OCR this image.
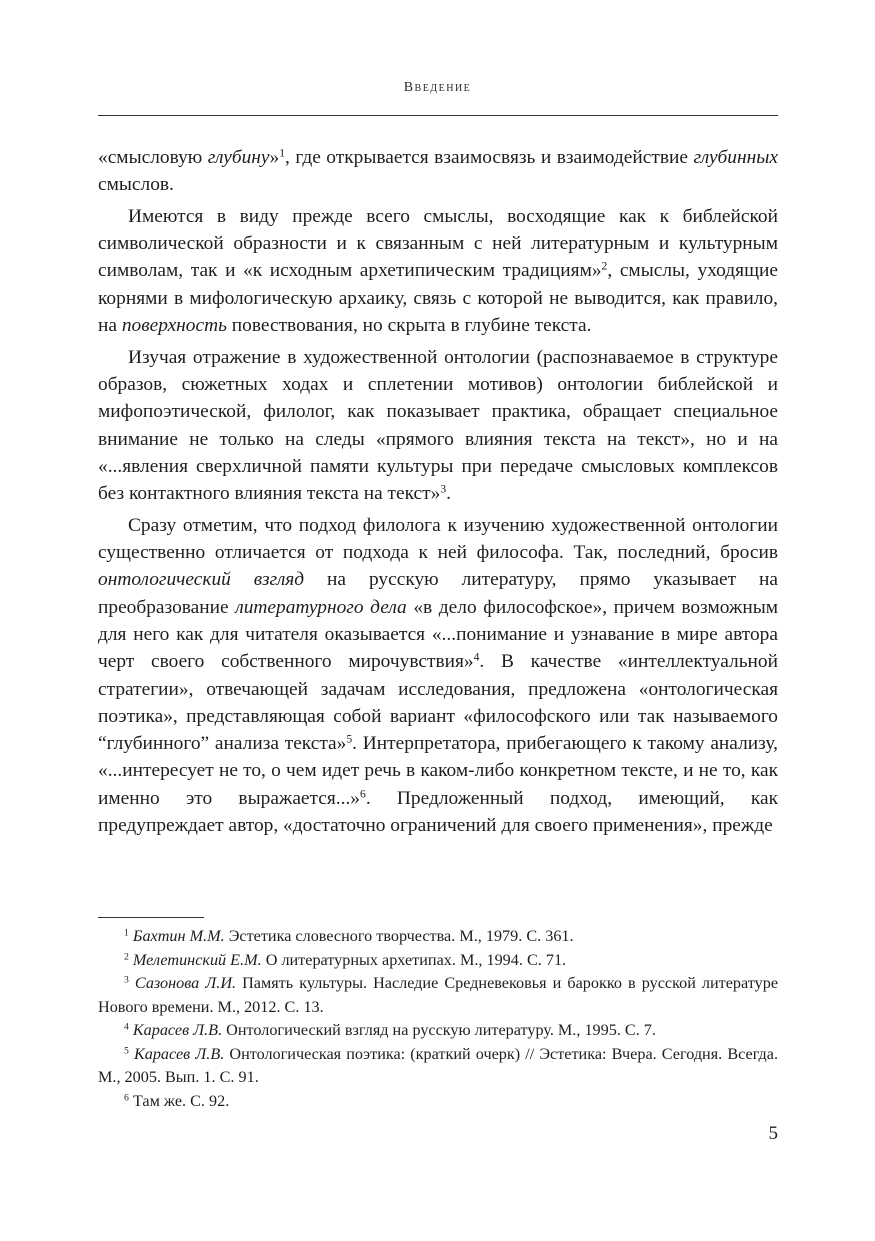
Введение

«смысловую глубину»$^1$, где открывается взаимосвязь и взаимодействие глубинных смыслов.

Имеются в виду прежде всего смыслы, восходящие как к библейской символической образности и к связанным с ней литературным и культурным символам, так и «к исходным архетипическим традициям»$^2$, смыслы, уходящие корнями в мифологическую архаику, связь с которой не выводится, как правило, на поверхность повествования, но скрыта в глубине текста.

Изучая отражение в художественной онтологии (распознаваемое в структуре образов, сюжетных ходах и сплетении мотивов) онтологии библейской и мифопоэтической, филолог, как показывает практика, обращает специальное внимание не только на следы «прямого влияния текста на текст», но и на «...явления сверхличной памяти культуры при передаче смысловых комплексов без контактного влияния текста на текст»$^3$.

Сразу отметим, что подход филолога к изучению художественной онтологии существенно отличается от подхода к ней философа. Так, последний, бросив онтологический взгляд на русскую литературу, прямо указывает на преобразование литературного дела «в дело философское», причем возможным для него как для читателя оказывается «...понимание и узнавание в мире автора черт своего собственного мирочувствия»$^4$. В качестве «интеллектуальной стратегии», отвечающей задачам исследования, предложена «онтологическая поэтика», представляющая собой вариант «философского или так называемого “глубинного” анализа текста»$^5$. Интерпретатора, прибегающего к такому анализу, «...интересует не то, о чем идет речь в каком-либо конкретном тексте, и не то, как именно это выражается...»$^6$. Предложенный подход, имеющий, как предупреждает автор, «достаточно ограничений для своего применения», прежде

$^1$ Бахтин М.М. Эстетика словесного творчества. М., 1979. С. 361.

$^2$ Мелетинский Е.М. О литературных архетипах. М., 1994. С. 71.

$^3$ Сазонова Л.И. Память культуры. Наследие Средневековья и барокко в русской литературе Нового времени. М., 2012. С. 13.

$^4$ Карасев Л.В. Онтологический взгляд на русскую литературу. М., 1995. С. 7.

$^5$ Карасев Л.В. Онтологическая поэтика: (краткий очерк) // Эстетика: Вчера. Сегодня. Всегда. М., 2005. Вып. 1. С. 91.

$^6$ Там же. С. 92.

5
